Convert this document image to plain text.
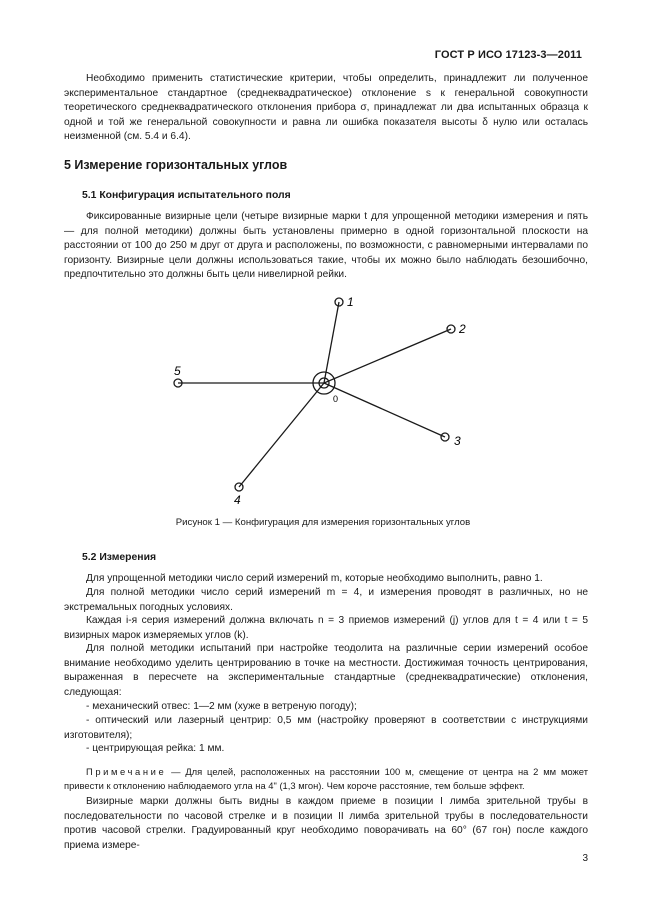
ГОСТ Р ИСО 17123-3—2011

Необходимо применить статистические критерии, чтобы определить, принадлежит ли полученное экспериментальное стандартное (среднеквадратическое) отклонение s к генеральной совокупности теоретического среднеквадратического отклонения прибора σ, принадлежат ли два испытанных образца к одной и той же генеральной совокупности и равна ли ошибка показателя высоты δ нулю или осталась неизменной (см. 5.4 и 6.4).

5 Измерение горизонтальных углов
5.1 Конфигурация испытательного поля

Фиксированные визирные цели (четыре визирные марки t для упрощенной методики измерения и пять — для полной методики) должны быть установлены примерно в одной горизонтальной плоскости на расстоянии от 100 до 250 м друг от друга и расположены, по возможности, с равномерными интервалами по горизонту. Визирные цели должны использоваться такие, чтобы их можно было наблюдать безошибочно, предпочтительно это должны быть цели нивелирной рейки.

0
1
2
3
4
5

Рисунок 1 — Конфигурация для измерения горизонтальных углов

5.2 Измерения

Для упрощенной методики число серий измерений m, которые необходимо выполнить, равно 1.

Для полной методики число серий измерений m = 4, и измерения проводят в различных, но не экстремальных погодных условиях.

Каждая i-я серия измерений должна включать n = 3 приемов измерений (j) углов для t = 4 или t = 5 визирных марок измеряемых углов (k).

Для полной методики испытаний при настройке теодолита на различные серии измерений особое внимание необходимо уделить центрированию в точке на местности. Достижимая точность центрирования, выраженная в пересчете на экспериментальные стандартные (среднеквадратические) отклонения, следующая:

- механический отвес: 1—2 мм (хуже в ветреную погоду);

- оптический или лазерный центрир: 0,5 мм (настройку проверяют в соответствии с инструкциями изготовителя);

- центрирующая рейка: 1 мм.

Примечание — Для целей, расположенных на расстоянии 100 м, смещение от центра на 2 мм может привести к отклонению наблюдаемого угла на 4" (1,3 мгон). Чем короче расстояние, тем больше эффект.

Визирные марки должны быть видны в каждом приеме в позиции I лимба зрительной трубы в последовательности по часовой стрелке и в позиции II лимба зрительной трубы в последовательности против часовой стрелки. Градуированный круг необходимо поворачивать на 60° (67 гон) после каждого приема измере-

3
